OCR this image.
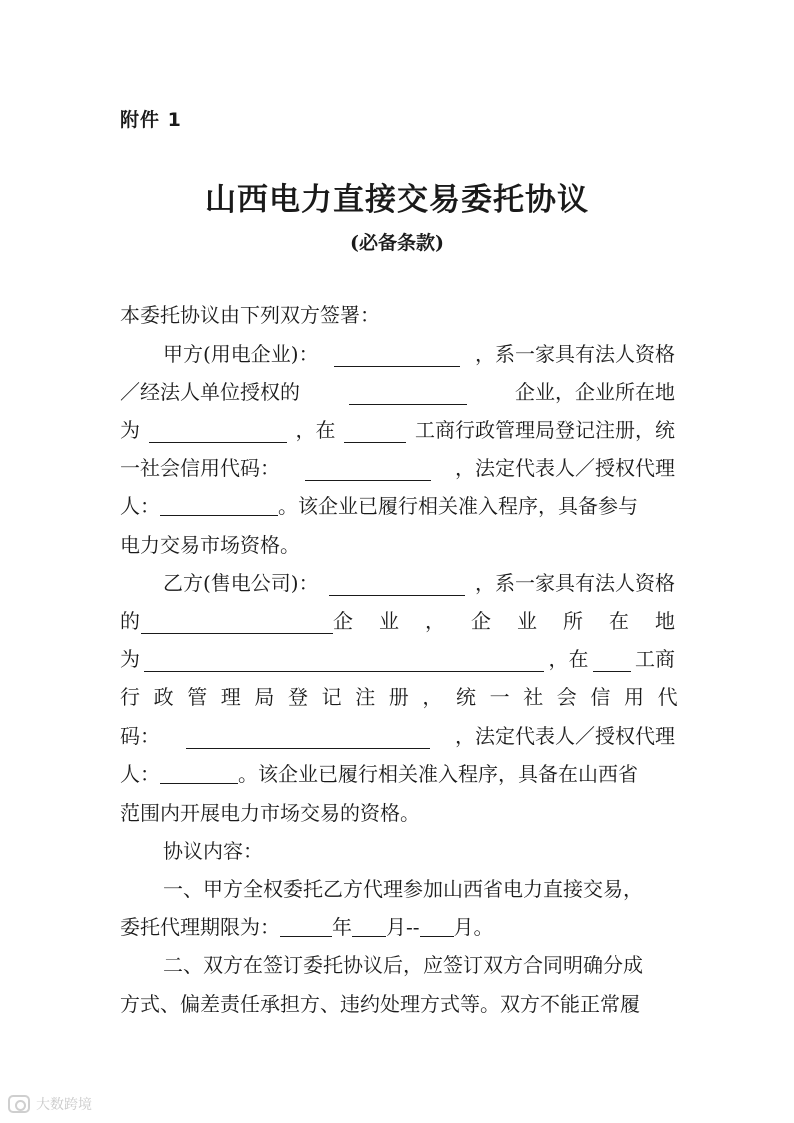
附件 1
山西电力直接交易委托协议
(必备条款)
本委托协议由下列双方签署：
甲方(用电企业)：	，系一家具有法人资格
／经法人单位授权的	企业，企业所在地
为	，在	工商行政管理局登记注册，统
一社会信用代码：	，法定代表人／授权代理
人：	。该企业已履行相关准入程序，具备参与
电力交易市场资格。
乙方(售电公司)：	，系一家具有法人资格
的	企业，企业所在地
为	，在 工商
行政管理局登记注册，统一社会信用代
码：	，法定代表人／授权代理
人：	。该企业已履行相关准入程序，具备在山西省
范围内开展电力市场交易的资格。
协议内容：
一、甲方全权委托乙方代理参加山西省电力直接交易，
委托代理期限为：	年 月-- 月。
二、双方在签订委托协议后，应签订双方合同明确分成
方式、偏差责任承担方、违约处理方式等。双方不能正常履
大数跨境
